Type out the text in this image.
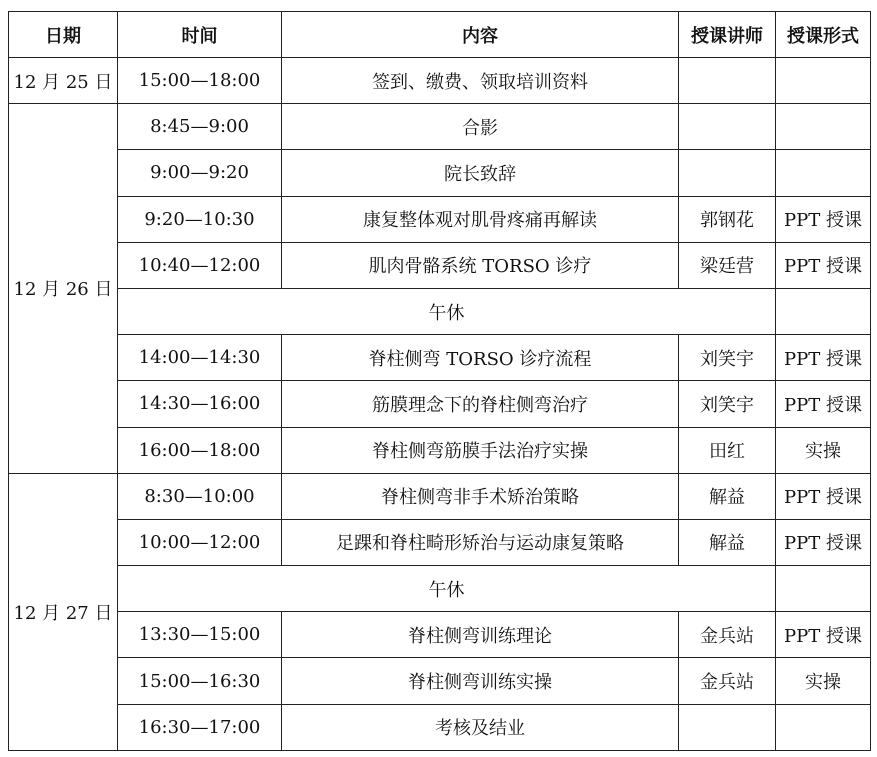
日期	时间	内容	授课讲师	授课形式
12 月 25 日	15:00—18:00	签到、缴费、领取培训资料		
12 月 26 日	8:45—9:00	合影		
	9:00—9:20	院长致辞		
	9:20—10:30	康复整体观对肌骨疼痛再解读	郭钢花	PPT 授课
	10:40—12:00	肌肉骨骼系统 TORSO 诊疗	梁廷营	PPT 授课
	午休			
	14:00—14:30	脊柱侧弯 TORSO 诊疗流程	刘笑宇	PPT 授课
	14:30—16:00	筋膜理念下的脊柱侧弯治疗	刘笑宇	PPT 授课
	16:00—18:00	脊柱侧弯筋膜手法治疗实操	田红	实操
12 月 27 日	8:30—10:00	脊柱侧弯非手术矫治策略	解益	PPT 授课
	10:00—12:00	足踝和脊柱畸形矫治与运动康复策略	解益	PPT 授课
	午休			
	13:30—15:00	脊柱侧弯训练理论	金兵站	PPT 授课
	15:00—16:30	脊柱侧弯训练实操	金兵站	实操
	16:30—17:00	考核及结业		
